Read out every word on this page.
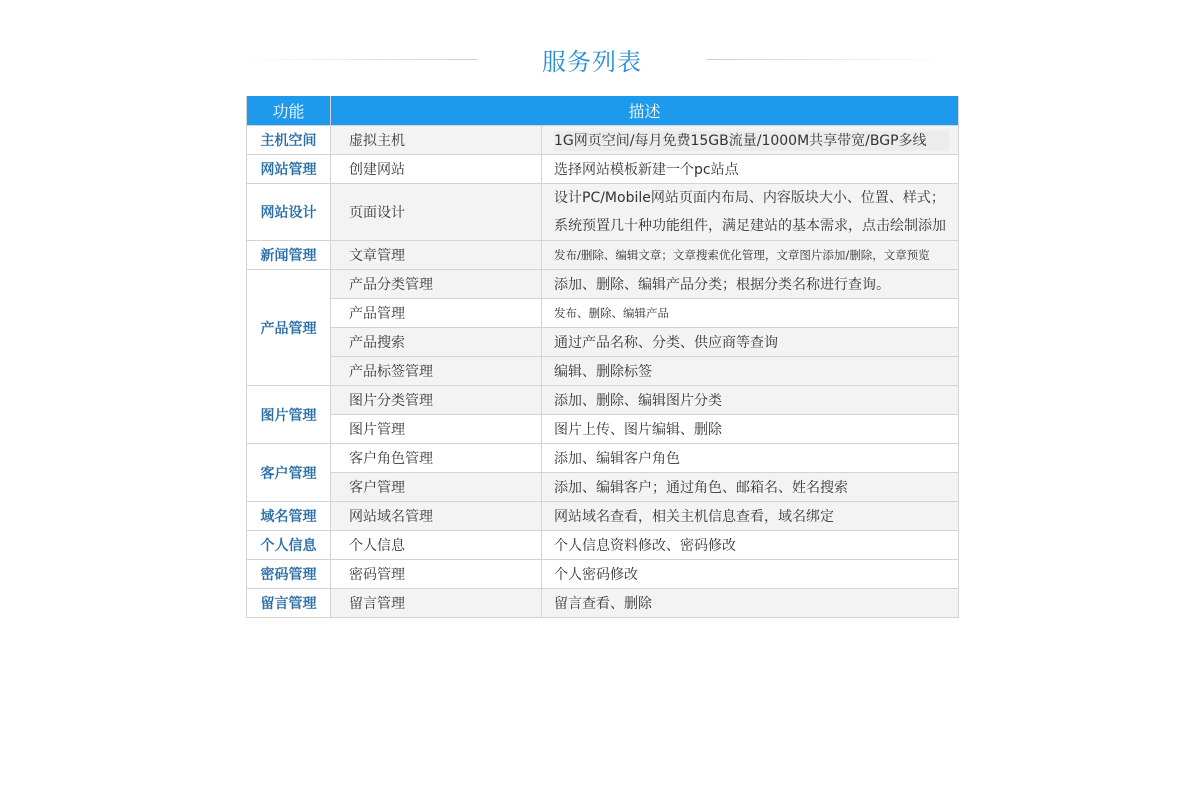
服务列表
功能	描述	
主机空间	虚拟主机	1G网页空间/每月免费15GB流量/1000M共享带宽/BGP多线
网站管理	创建网站	选择网站模板新建一个pc站点
网站设计	页面设计	设计PC/Mobile网站页面内布局、内容版块大小、位置、样式；
系统预置几十种功能组件，满足建站的基本需求，点击绘制添加

新闻管理	文章管理	发布/删除、编辑文章；文章搜索优化管理，文章图片添加/删除，文章预览
产品管理	产品分类管理	添加、删除、编辑产品分类；根据分类名称进行查询。
	产品管理	发布、删除、编辑产品
	产品搜索	通过产品名称、分类、供应商等查询
	产品标签管理	编辑、删除标签
图片管理	图片分类管理	添加、删除、编辑图片分类
	图片管理	图片上传、图片编辑、删除
客户管理	客户角色管理	添加、编辑客户角色
	客户管理	添加、编辑客户；通过角色、邮箱名、姓名搜索
域名管理	网站域名管理	网站域名查看，相关主机信息查看，域名绑定
个人信息	个人信息	个人信息资料修改、密码修改
密码管理	密码管理	个人密码修改
留言管理	留言管理	留言查看、删除
